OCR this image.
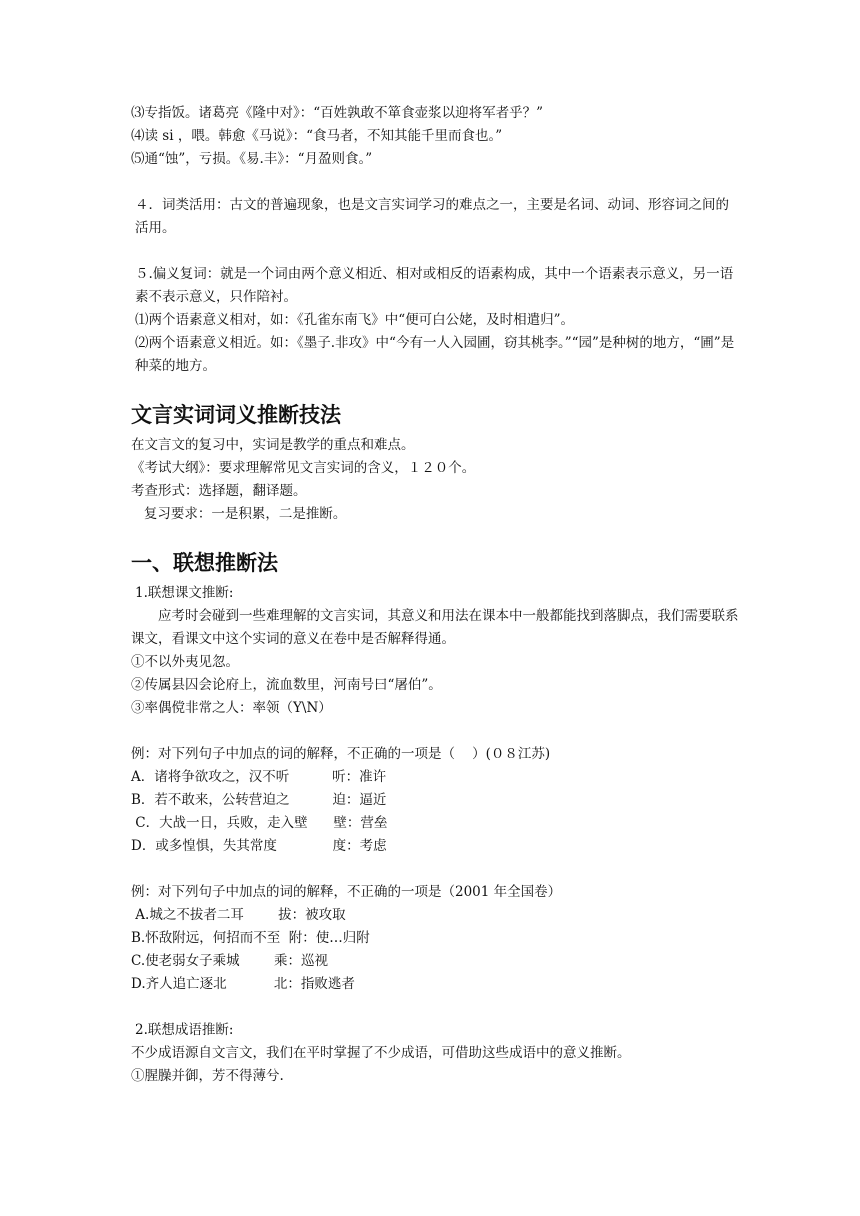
⑶专指饭。诸葛亮《隆中对》：“百姓孰敢不箪食壶浆以迎将军者乎？”

⑷读 si ，喂。韩愈《马说》：“食马者，不知其能千里而食也。”

⑸通“蚀”，亏损。《易.丰》：“月盈则食。”

４．词类活用：古文的普遍现象，也是文言实词学习的难点之一，主要是名词、动词、形容词之间的活用。

５.偏义复词：就是一个词由两个意义相近、相对或相反的语素构成，其中一个语素表示意义，另一语素不表示意义，只作陪衬。

⑴两个语素意义相对，如：《孔雀东南飞》中“便可白公姥，及时相遣归”。

⑵两个语素意义相近。如：《墨子.非攻》中“今有一人入园圃，窃其桃李。”“园”是种树的地方，“圃”是种菜的地方。

文言实词词义推断技法

在文言文的复习中，实词是教学的重点和难点。

《考试大纲》：要求理解常见文言实词的含义，１２０个。

考查形式：选择题，翻译题。

复习要求：一是积累，二是推断。

一、联想推断法

1.联想课文推断:

应考时会碰到一些难理解的文言实词，其意义和用法在课本中一般都能找到落脚点，我们需要联系课文，看课文中这个实词的意义在卷中是否解释得通。

①不以外夷见忽。

②传属县囚会论府上，流血数里，河南号曰“屠伯”。

③率偶傥非常之人：率领（Y\N）

例：对下列句子中加点的词的解释，不正确的一项是（    ）(０８江苏)

A．诸将争欲攻之，汉不听          听：准许

B．若不敢来，公转营迫之          迫：逼近

C．大战一日，兵败，走入壁      壁：营垒

D．或多惶惧，失其常度             度：考虑

例：对下列句子中加点的词的解释，不正确的一项是（2001 年全国卷）

A.城之不拔者二耳        拔：被攻取

B.怀敌附远，何招而不至  附：使…归附

C.使老弱女子乘城        乘：巡视

D.齐人追亡逐北           北：指败逃者

2.联想成语推断:

不少成语源自文言文，我们在平时掌握了不少成语，可借助这些成语中的意义推断。

①腥臊并御，芳不得薄兮.
